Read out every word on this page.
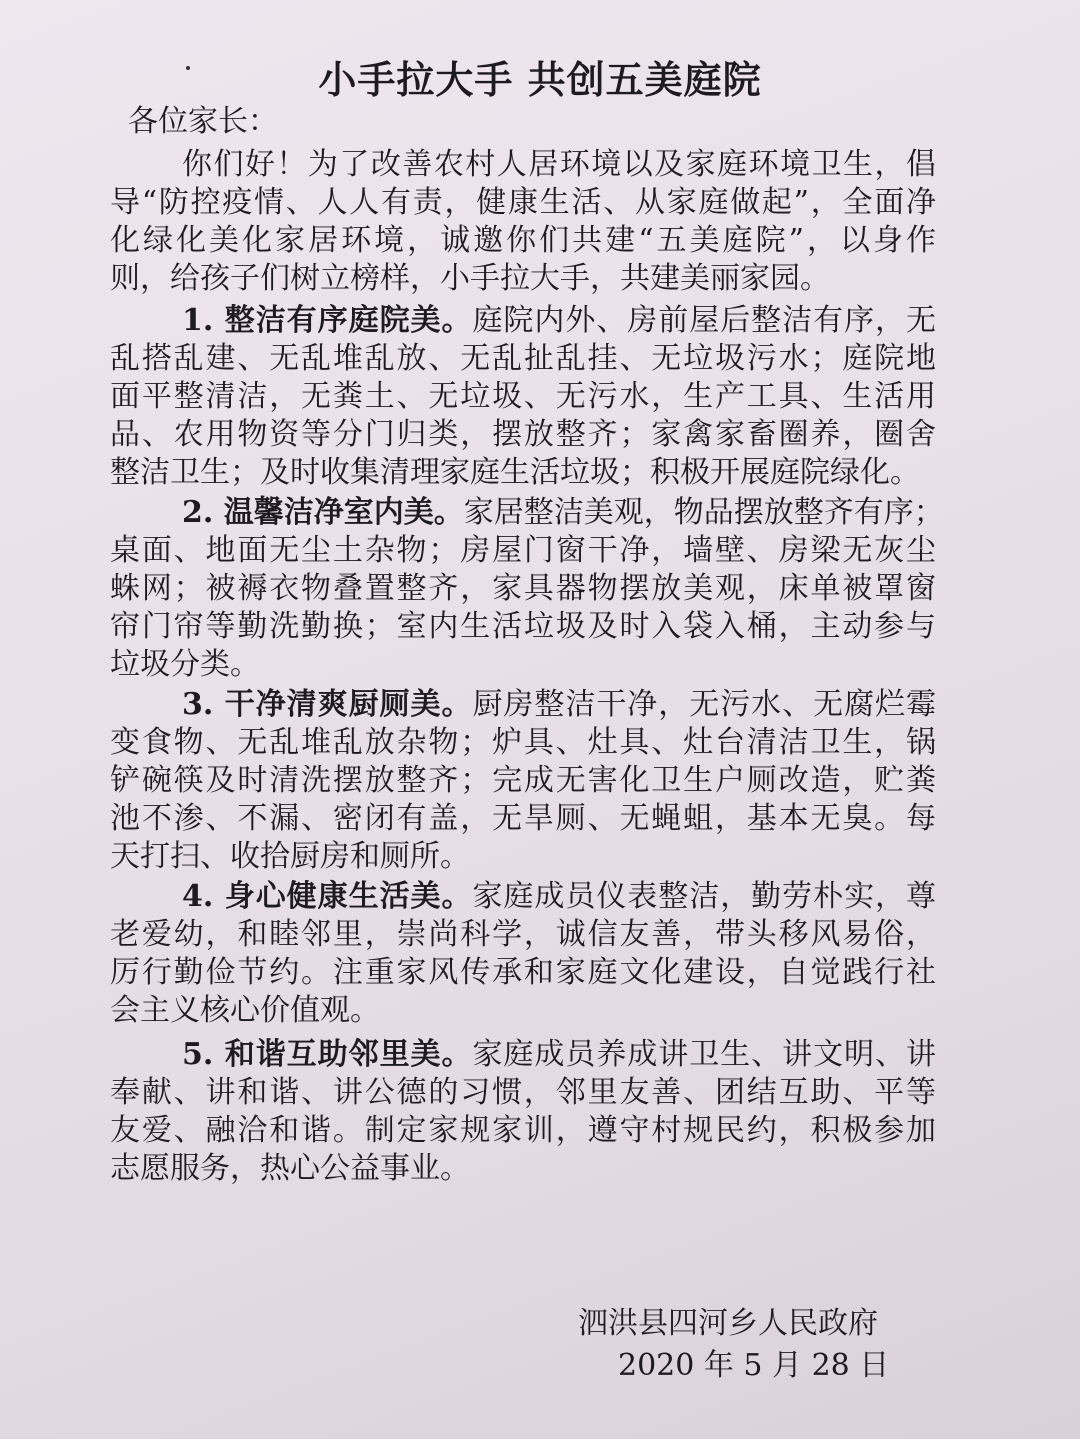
小手拉大手 共创五美庭院
各位家长：
你们好！为了改善农村人居环境以及家庭环境卫生，倡
导“防控疫情、人人有责，健康生活、从家庭做起”，全面净
化绿化美化家居环境，诚邀你们共建“五美庭院”，以身作
则，给孩子们树立榜样，小手拉大手，共建美丽家园。
1. 整洁有序庭院美。庭院内外、房前屋后整洁有序，无
乱搭乱建、无乱堆乱放、无乱扯乱挂、无垃圾污水；庭院地
面平整清洁，无粪土、无垃圾、无污水，生产工具、生活用
品、农用物资等分门归类，摆放整齐；家禽家畜圈养，圈舍
整洁卫生；及时收集清理家庭生活垃圾；积极开展庭院绿化。
2. 温馨洁净室内美。家居整洁美观，物品摆放整齐有序；
桌面、地面无尘土杂物；房屋门窗干净，墙壁、房梁无灰尘
蛛网；被褥衣物叠置整齐，家具器物摆放美观，床单被罩窗
帘门帘等勤洗勤换；室内生活垃圾及时入袋入桶，主动参与
垃圾分类。
3. 干净清爽厨厕美。厨房整洁干净，无污水、无腐烂霉
变食物、无乱堆乱放杂物；炉具、灶具、灶台清洁卫生，锅
铲碗筷及时清洗摆放整齐；完成无害化卫生户厕改造，贮粪
池不渗、不漏、密闭有盖，无旱厕、无蝇蛆，基本无臭。每
天打扫、收拾厨房和厕所。
4. 身心健康生活美。家庭成员仪表整洁，勤劳朴实，尊
老爱幼，和睦邻里，崇尚科学，诚信友善，带头移风易俗，
厉行勤俭节约。注重家风传承和家庭文化建设，自觉践行社
会主义核心价值观。
5. 和谐互助邻里美。家庭成员养成讲卫生、讲文明、讲
奉献、讲和谐、讲公德的习惯，邻里友善、团结互助、平等
友爱、融洽和谐。制定家规家训，遵守村规民约，积极参加
志愿服务，热心公益事业。
泗洪县四河乡人民政府
2020 年 5 月 28 日
